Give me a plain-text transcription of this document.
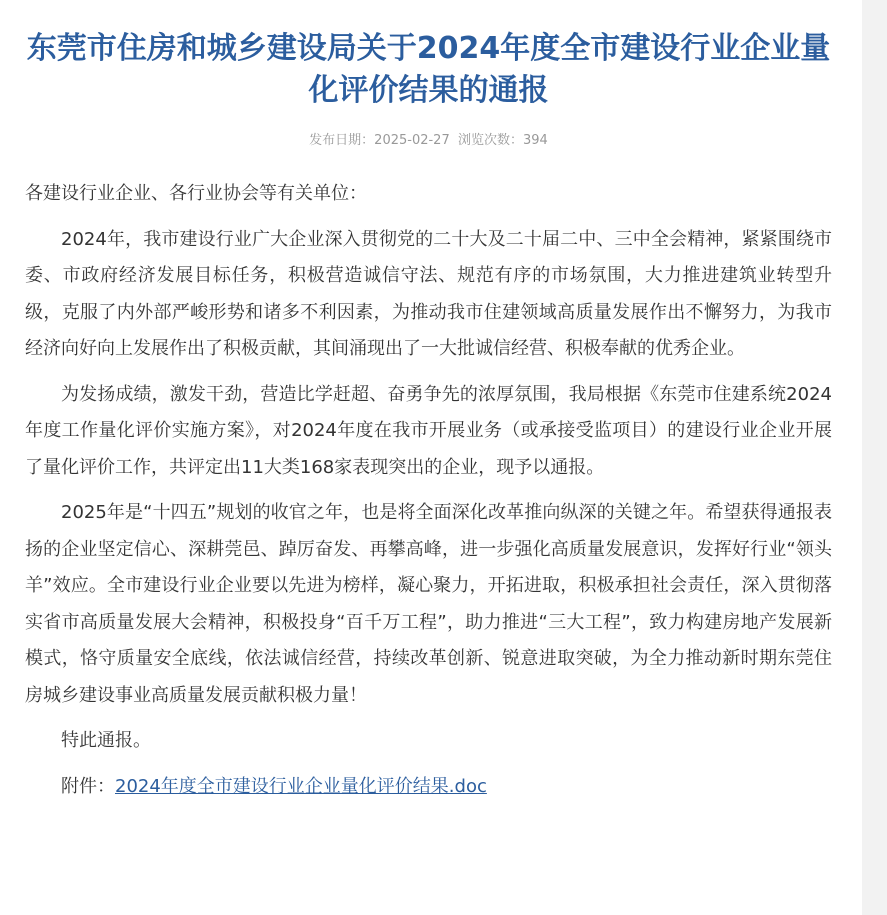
东莞市住房和城乡建设局关于2024年度全市建设行业企业量化评价结果的通报
发布日期：2025-02-27 浏览次数：394

各建设行业企业、各行业协会等有关单位：

2024年，我市建设行业广大企业深入贯彻党的二十大及二十届二中、三中全会精神，紧紧围绕市委、市政府经济发展目标任务，积极营造诚信守法、规范有序的市场氛围，大力推进建筑业转型升级，克服了内外部严峻形势和诸多不利因素，为推动我市住建领域高质量发展作出不懈努力，为我市经济向好向上发展作出了积极贡献，其间涌现出了一大批诚信经营、积极奉献的优秀企业。

为发扬成绩，激发干劲，营造比学赶超、奋勇争先的浓厚氛围，我局根据《东莞市住建系统2024年度工作量化评价实施方案》，对2024年度在我市开展业务（或承接受监项目）的建设行业企业开展了量化评价工作，共评定出11大类168家表现突出的企业，现予以通报。

2025年是“十四五”规划的收官之年，也是将全面深化改革推向纵深的关键之年。希望获得通报表扬的企业坚定信心、深耕莞邑、踔厉奋发、再攀高峰，进一步强化高质量发展意识，发挥好行业“领头羊”效应。全市建设行业企业要以先进为榜样，凝心聚力，开拓进取，积极承担社会责任，深入贯彻落实省市高质量发展大会精神，积极投身“百千万工程”，助力推进“三大工程”，致力构建房地产发展新模式，恪守质量安全底线，依法诚信经营，持续改革创新、锐意进取突破，为全力推动新时期东莞住房城乡建设事业高质量发展贡献积极力量！

特此通报。

附件：2024年度全市建设行业企业量化评价结果.doc
